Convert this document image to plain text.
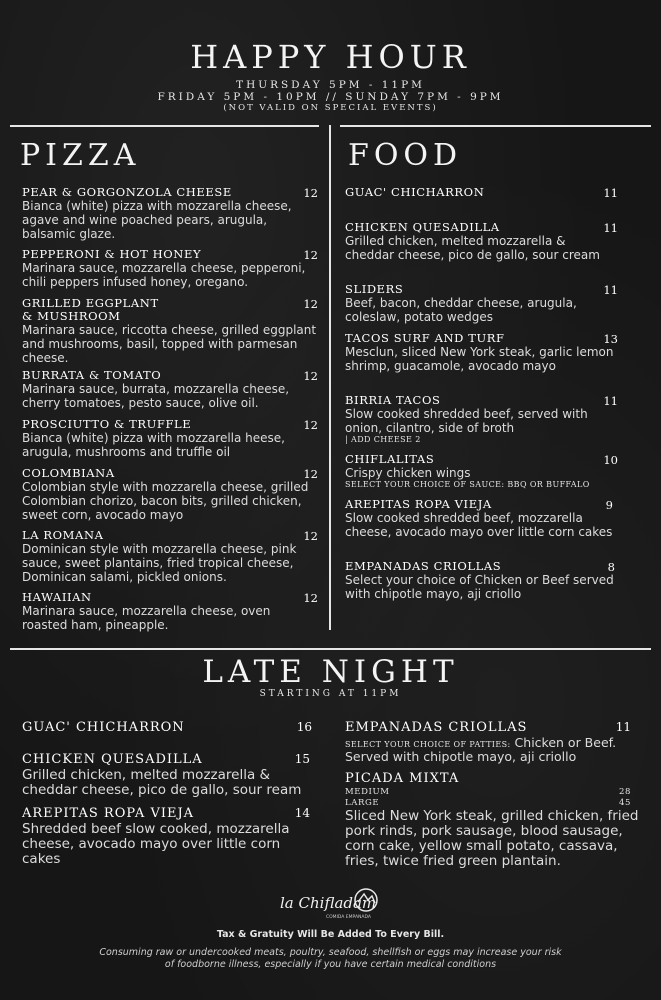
HAPPY HOUR
THURSDAY 5PM - 11PM
FRIDAY 5PM - 10PM // SUNDAY 7PM - 9PM
(NOT VALID ON SPECIAL EVENTS)
PIZZA	FOOD
PEAR & GORGONZOLA CHEESE	12
Bianca (white) pizza with mozzarella cheese, agave and wine poached pears, arugula, balsamic glaze.
PEPPERONI & HOT HONEY	12
Marinara sauce, mozzarella cheese, pepperoni, chili peppers infused honey, oregano.
GRILLED EGGPLANT & MUSHROOM
12
Marinara sauce, riccotta cheese, grilled eggplant and mushrooms, basil, topped with parmesan cheese.
BURRATA & TOMATO	12
Marinara sauce, burrata, mozzarella cheese, cherry tomatoes, pesto sauce, olive oil.
PROSCIUTTO & TRUFFLE	12
Bianca (white) pizza with mozzarella heese, arugula, mushrooms and truffle oil
COLOMBIANA	12
Colombian style with mozzarella cheese, grilled Colombian chorizo, bacon bits, grilled chicken, sweet corn, avocado mayo
LA ROMANA	12
Dominican style with mozzarella cheese, pink sauce, sweet plantains, fried tropical cheese, Dominican salami, pickled onions.
HAWAIIAN	12
Marinara sauce, mozzarella cheese, oven roasted ham, pineapple.
GUAC' CHICHARRON	11
CHICKEN QUESADILLA	11
Grilled chicken, melted mozzarella & cheddar cheese, pico de gallo, sour cream
SLIDERS	11
Beef, bacon, cheddar cheese, arugula, coleslaw, potato wedges
TACOS SURF AND TURF	13
Mesclun, sliced New York steak, garlic lemon shrimp, guacamole, avocado mayo
BIRRIA TACOS	11
Slow cooked shredded beef, served with onion, cilantro, side of broth
| ADD CHEESE 2
CHIFLALITAS	10
Crispy chicken wings
SELECT YOUR CHOICE OF SAUCE: BBQ OR BUFFALO
AREPITAS ROPA VIEJA	9
Slow cooked shredded beef, mozzarella cheese, avocado mayo over little corn cakes
EMPANADAS CRIOLLAS	8
Select your choice of Chicken or Beef served with chipotle mayo, aji criollo
LATE NIGHT
STARTING AT 11PM
GUAC' CHICHARRON	16
CHICKEN QUESADILLA	15
Grilled chicken, melted mozzarella & cheddar cheese, pico de gallo, sour ream
AREPITAS ROPA VIEJA	14
Shredded beef slow cooked, mozzarella cheese, avocado mayo over little corn cakes
EMPANADAS CRIOLLAS	11
SELECT YOUR CHOICE OF PATTIES: Chicken or Beef. Served with chipotle mayo, aji criollo
PICADA MIXTA
MEDIUM	28
LARGE	45
Sliced New York steak, grilled chicken, fried pork rinds, pork sausage, blood sausage, corn cake, yellow small potato, cassava, fries, twice fried green plantain.
la Chifladam
COMIDA EMPANADA
Tax & Gratuity Will Be Added To Every Bill.
Consuming raw or undercooked meats, poultry, seafood, shellfish or eggs may increase your risk
of foodborne illness, especially if you have certain medical conditions
